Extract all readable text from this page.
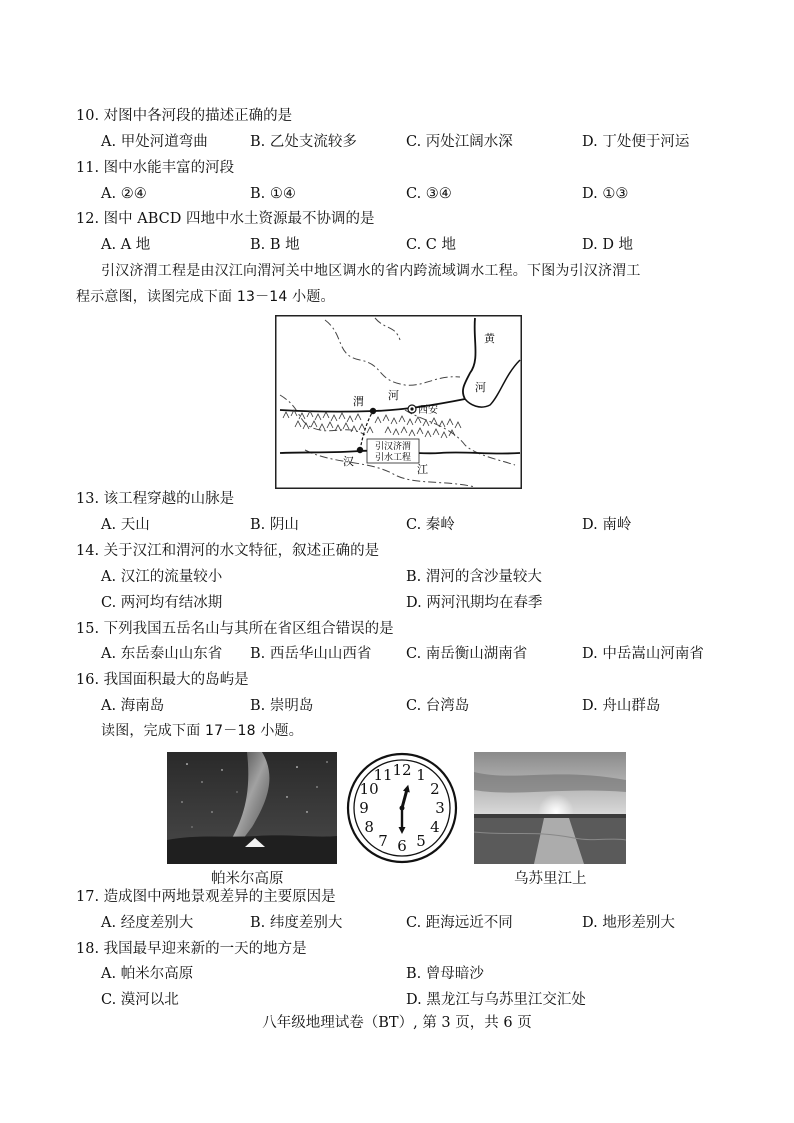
10. 对图中各河段的描述正确的是
A. 甲处河道弯曲	B. 乙处支流较多	C. 丙处江阔水深	D. 丁处便于河运
11. 图中水能丰富的河段
A. ②④	B. ①④	C. ③④	D. ①③
12. 图中 ABCD 四地中水土资源最不协调的是
A. A 地	B. B 地	C. C 地	D. D 地
引汉济渭工程是由汉江向渭河关中地区调水的省内跨流域调水工程。下图为引汉济渭工
程示意图，读图完成下面 13－14 小题。
引汉济渭
引水工程
渭 河
西安
黄
河
汉
江
13. 该工程穿越的山脉是
A. 天山	B. 阴山	C. 秦岭	D. 南岭
14. 关于汉江和渭河的水文特征，叙述正确的是
A. 汉江的流量较小	B. 渭河的含沙量较大
C. 两河均有结冰期	D. 两河汛期均在春季
15. 下列我国五岳名山与其所在省区组合错误的是
A. 东岳泰山山东省 B. 西岳华山山西省 C. 南岳衡山湖南省	D. 中岳嵩山河南省
16. 我国面积最大的岛屿是
A. 海南岛	B. 崇明岛	C. 台湾岛	D. 舟山群岛
读图，完成下面 17－18 小题。
帕米尔高原
12 1
2
3
4
5
6
7
8
9
10
11
乌苏里江上
17. 造成图中两地景观差异的主要原因是
A. 经度差别大	B. 纬度差别大	C. 距海远近不同	D. 地形差别大
18. 我国最早迎来新的一天的地方是
A. 帕米尔高原	B. 曾母暗沙
C. 漠河以北	D. 黑龙江与乌苏里江交汇处
八年级地理试卷（BT）, 第 3 页，共 6 页
